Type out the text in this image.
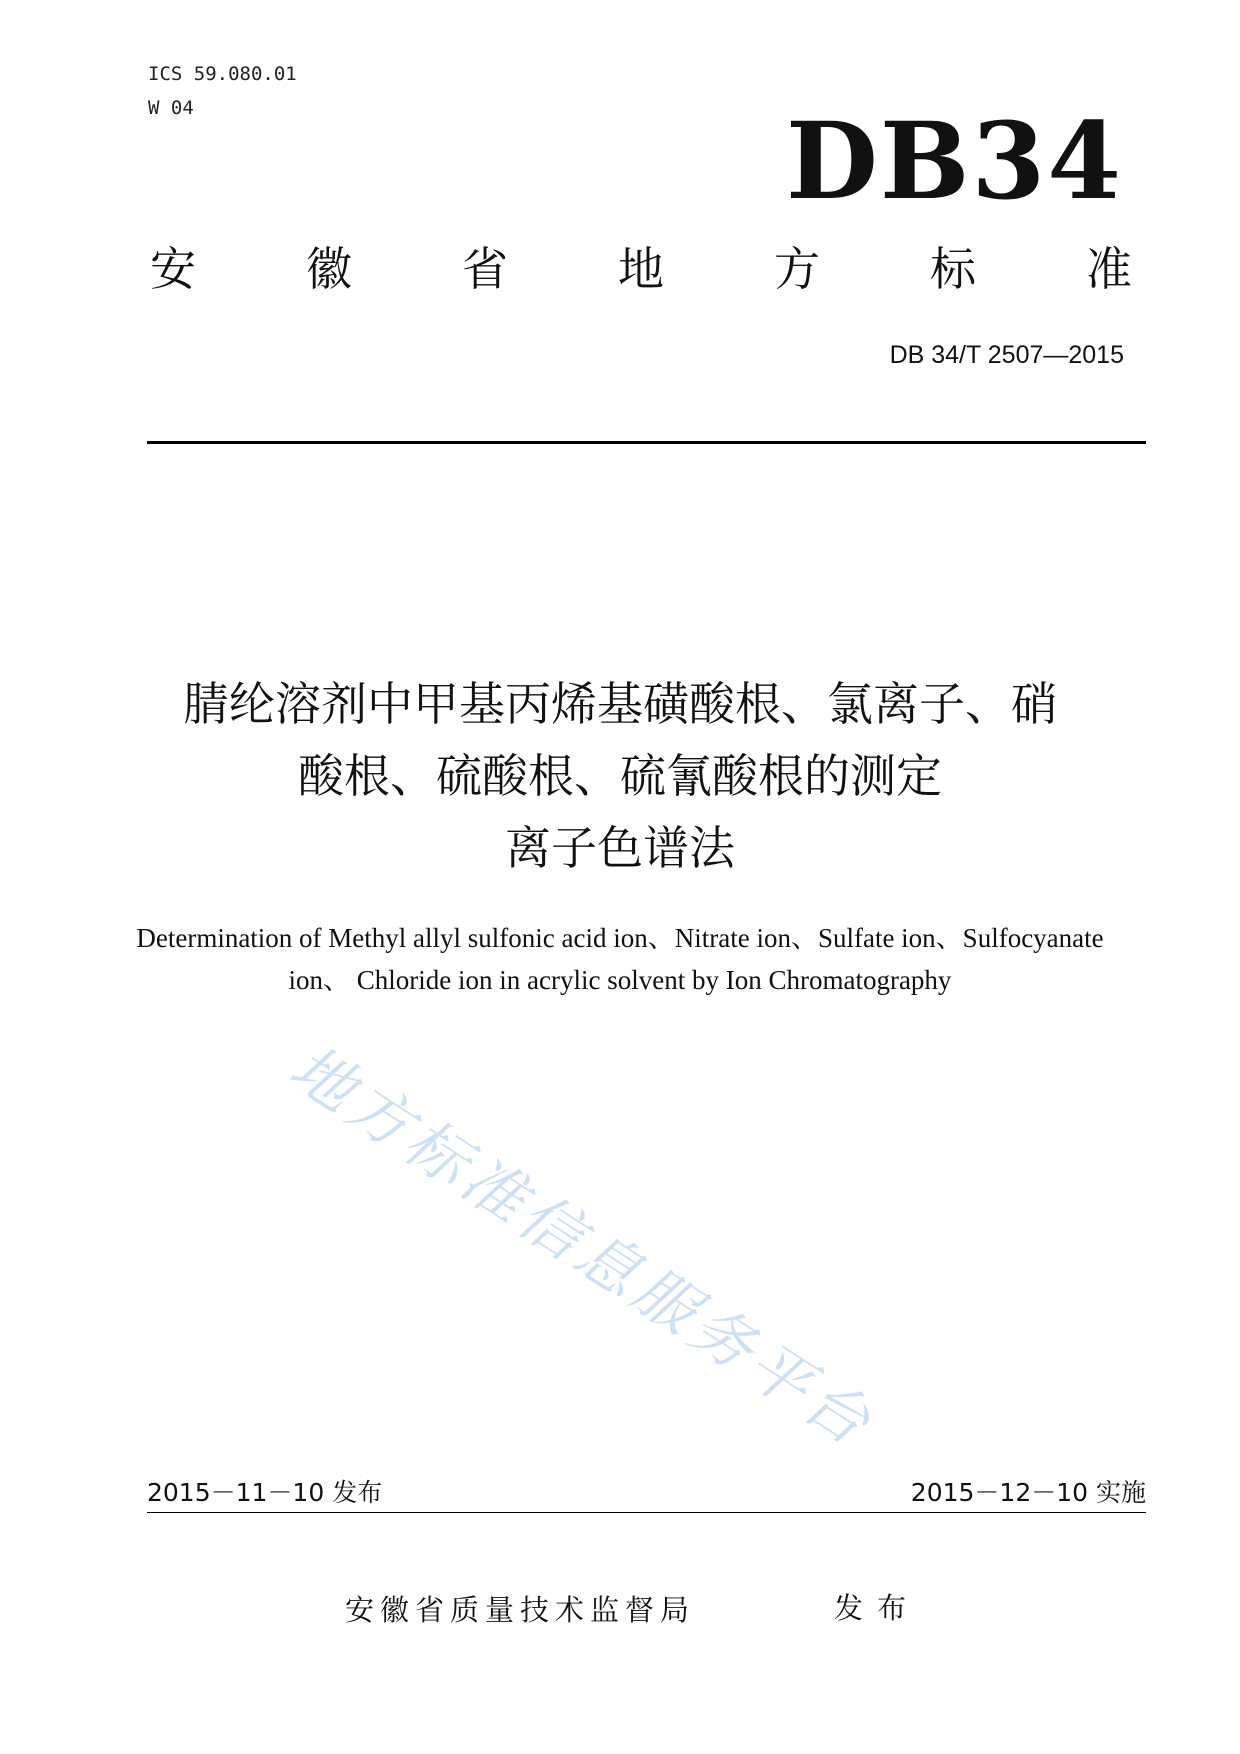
ICS 59.080.01
W 04	DB34
安 徽 省 地 方 标 准
DB 34/T 2507—2015
腈纶溶剂中甲基丙烯基磺酸根、氯离子、硝
酸根、硫酸根、硫氰酸根的测定
离子色谱法
Determination of Methyl allyl sulfonic acid ion、Nitrate ion、Sulfate ion、Sulfocyanate
ion、 Chloride ion in acrylic solvent by Ion Chromatography
地方标准信息服务平台
2015－11－10 发布	2015－12－10 实施
安徽省质量技术监督局	发布
